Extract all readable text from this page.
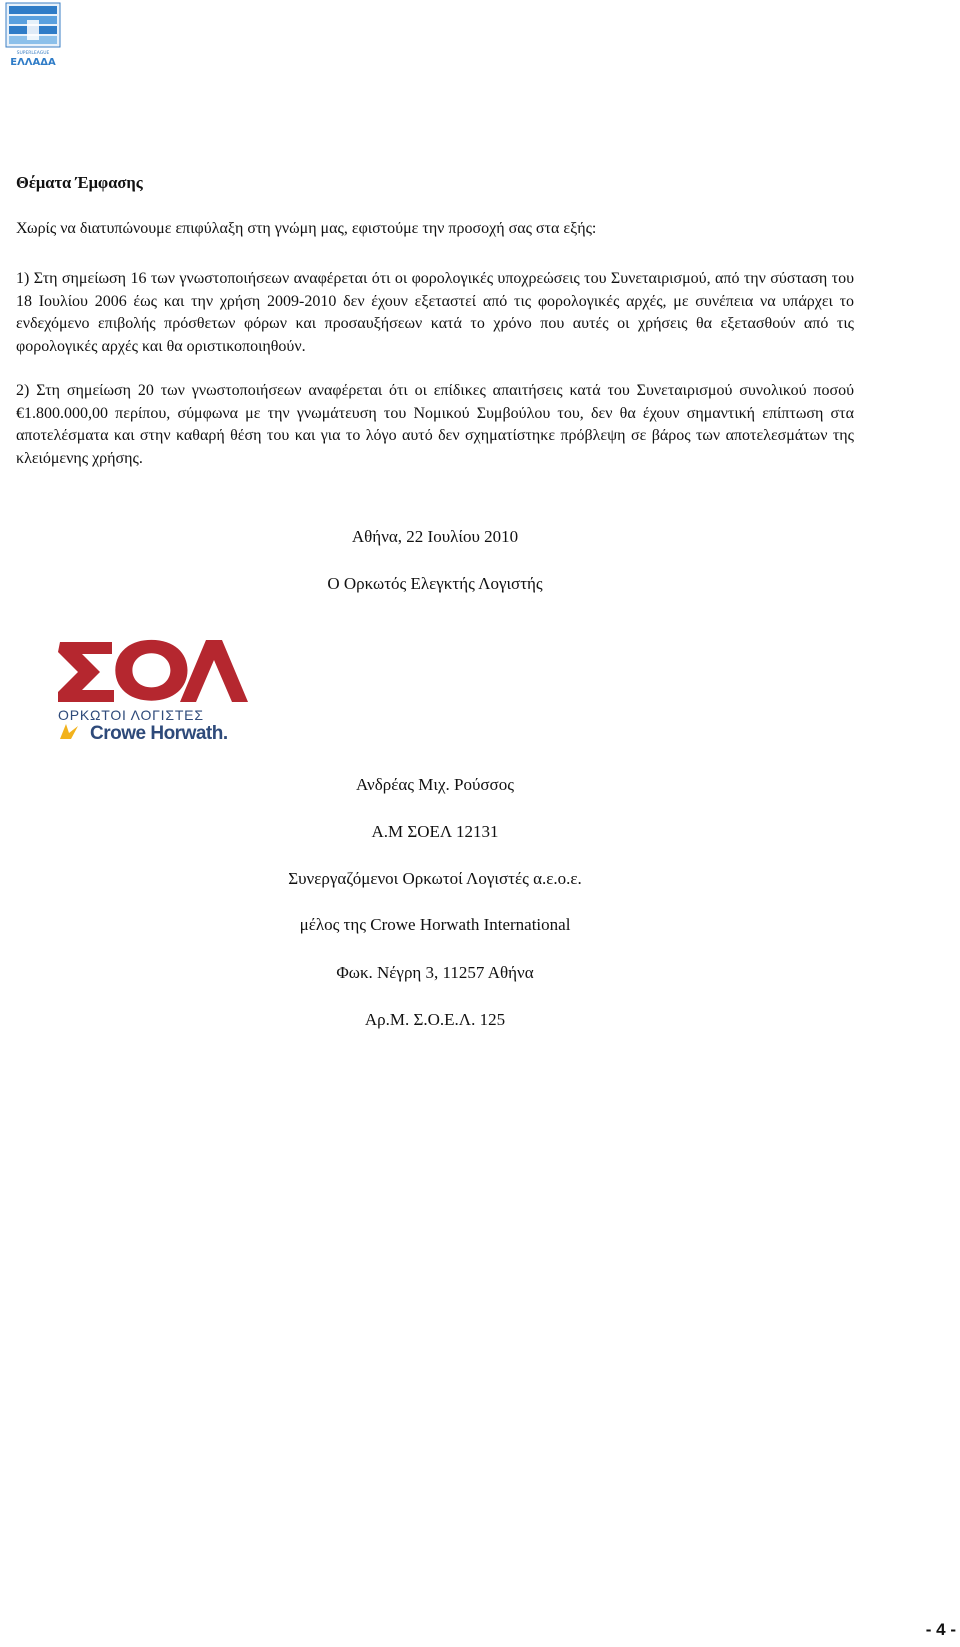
SUPERLEAGUE
ΕΛΛΑΔΑ
Θέματα Έμφασης

Χωρίς να διατυπώνουμε επιφύλαξη στη γνώμη μας, εφιστούμε την προσοχή σας στα εξής:

1) Στη σημείωση 16 των γνωστοποιήσεων αναφέρεται ότι οι φορολογικές υποχρεώσεις του Συνεταιρισμού, από την σύσταση του 18 Ιουλίου 2006 έως και την χρήση 2009-2010 δεν έχουν εξεταστεί από τις φορολογικές αρχές, με συνέπεια να υπάρχει το ενδεχόμενο επιβολής πρόσθετων φόρων και προσαυξήσεων κατά το χρόνο που αυτές οι χρήσεις θα εξετασθούν από τις φορολογικές αρχές και θα οριστικοποιηθούν.

2) Στη σημείωση 20 των γνωστοποιήσεων αναφέρεται ότι οι επίδικες απαιτήσεις κατά του Συνεταιρισμού συνολικού ποσού €1.800.000,00 περίπου, σύμφωνα με την γνωμάτευση του Νομικού Συμβούλου του, δεν θα έχουν σημαντική επίπτωση στα αποτελέσματα και στην καθαρή θέση του και για το λόγο αυτό δεν σχηματίστηκε πρόβλεψη σε βάρος των αποτελεσμάτων της κλειόμενης χρήσης.

Αθήνα, 22 Ιουλίου 2010

Ο Ορκωτός Ελεγκτής Λογιστής

ΟΡΚΩΤΟΙ ΛΟΓΙΣΤΕΣ
Crowe Horwath.

Ανδρέας Μιχ. Ρούσσος

Α.Μ ΣΟΕΛ 12131

Συνεργαζόμενοι Ορκωτοί Λογιστές α.ε.ο.ε.

μέλος της Crowe Horwath International

Φωκ. Νέγρη 3, 11257 Αθήνα

Αρ.Μ. Σ.Ο.Ε.Λ. 125

- 4 -
